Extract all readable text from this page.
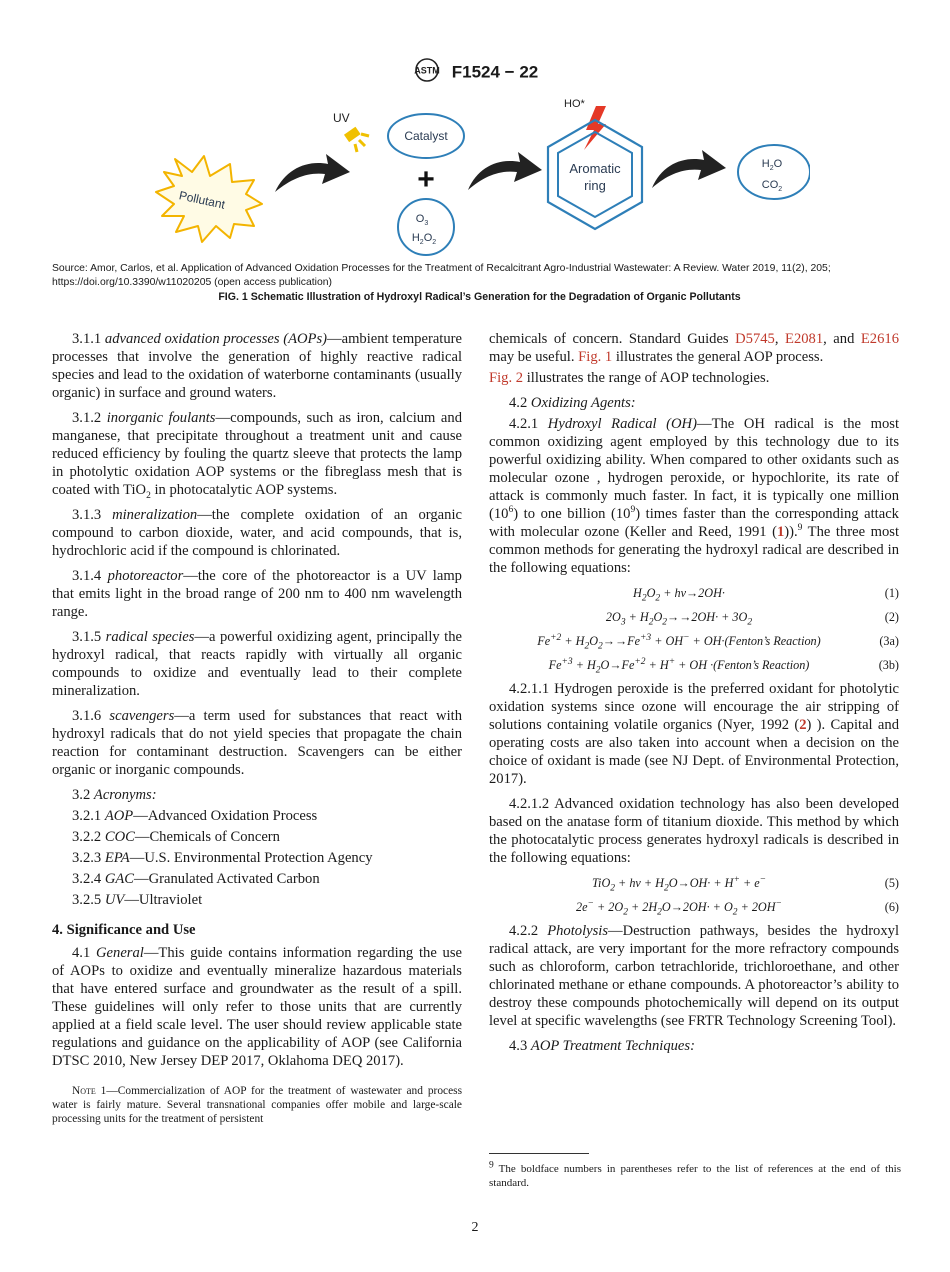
ASTM F1524 − 22
Pollutant
UV
Catalyst
+
$O_3$
$H_2O_2$
HO*
Aromatic
ring
$H_2O$
$CO_2$
Source: Amor, Carlos, et al. Application of Advanced Oxidation Processes for the Treatment of Recalcitrant Agro-Industrial Wastewater: A Review. Water 2019, 11(2), 205; https://doi.org/10.3390/w11020205 (open access publication)
FIG. 1 Schematic Illustration of Hydroxyl Radical’s Generation for the Degradation of Organic Pollutants

3.1.1 advanced oxidation processes (AOPs)—ambient temperature processes that involve the generation of highly reactive radical species and lead to the oxidation of waterborne contaminants (usually organic) in surface and ground waters.

3.1.2 inorganic foulants—compounds, such as iron, calcium and manganese, that precipitate throughout a treatment unit and cause reduced efficiency by fouling the quartz sleeve that protects the lamp in photolytic oxidation AOP systems or the fibreglass mesh that is coated with TiO$_2$ in photocatalytic AOP systems.

3.1.3 mineralization—the complete oxidation of an organic compound to carbon dioxide, water, and acid compounds, that is, hydrochloric acid if the compound is chlorinated.

3.1.4 photoreactor—the core of the photoreactor is a UV lamp that emits light in the broad range of 200 nm to 400 nm wavelength range.

3.1.5 radical species—a powerful oxidizing agent, principally the hydroxyl radical, that reacts rapidly with virtually all organic compounds to oxidize and eventually lead to their complete mineralization.

3.1.6 scavengers—a term used for substances that react with hydroxyl radicals that do not yield species that propagate the chain reaction for contaminant destruction. Scavengers can be either organic or inorganic compounds.

3.2 Acronyms:

3.2.1 AOP—Advanced Oxidation Process

3.2.2 COC—Chemicals of Concern

3.2.3 EPA—U.S. Environmental Protection Agency

3.2.4 GAC—Granulated Activated Carbon

3.2.5 UV—Ultraviolet

4. Significance and Use

4.1 General—This guide contains information regarding the use of AOPs to oxidize and eventually mineralize hazardous materials that have entered surface and groundwater as the result of a spill. These guidelines will only refer to those units that are currently applied at a field scale level. The user should review applicable state regulations and guidance on the applicability of AOP (see California DTSC 2010, New Jersey DEP 2017, Oklahoma DEQ 2017).

Note 1—Commercialization of AOP for the treatment of wastewater and process water is fairly mature. Several transnational companies offer mobile and large-scale processing units for the treatment of persistent

chemicals of concern. Standard Guides D5745, E2081, and E2616 may be useful. Fig. 1 illustrates the general AOP process.

Fig. 2 illustrates the range of AOP technologies.

4.2 Oxidizing Agents:

4.2.1 Hydroxyl Radical (OH)—The OH radical is the most common oxidizing agent employed by this technology due to its powerful oxidizing ability. When compared to other oxidants such as molecular ozone , hydrogen peroxide, or hypochlorite, its rate of attack is commonly much faster. In fact, it is typically one million $(10^6)$ to one billion $(10^9)$ times faster than the corresponding attack with molecular ozone (Keller and Reed, 1991 (1)).$^9$ The three most common methods for generating the hydroxyl radical are described in the following equations:

$H_2O_2 + hv\to 2OH\cdot$	(1)
$2O_3 + H_2O_2\to\to 2OH\cdot + 3O_2$	(2)
$Fe^{+2} + H_2O_2\to\to Fe^{+3} + OH^-$ + OH·(Fenton’s Reaction)	(3a)
$Fe^{+3} + H_2O\to Fe^{+2} + H^+$ + OH ·(Fenton’s Reaction)	(3b)

4.2.1.1 Hydrogen peroxide is the preferred oxidant for photolytic oxidation systems since ozone will encourage the air stripping of solutions containing volatile organics (Nyer, 1992 (2) ). Capital and operating costs are also taken into account when a decision on the choice of oxidant is made (see NJ Dept. of Environmental Protection, 2017).

4.2.1.2 Advanced oxidation technology has also been developed based on the anatase form of titanium dioxide. This method by which the photocatalytic process generates hydroxyl radicals is described in the following equations:

TiO$_2$ + hv + $H_2O\to OH\cdot + H^+ + e^-$	(5)
$2e^- + 2O_2 + 2H_2O\to 2OH\cdot + O_2 + 2OH^-$	(6)

4.2.2 Photolysis—Destruction pathways, besides the hydroxyl radical attack, are very important for the more refractory compounds such as chloroform, carbon tetrachloride, trichloroethane, and other chlorinated methane or ethane compounds. A photoreactor’s ability to destroy these compounds photochemically will depend on its output level at specific wavelengths (see FRTR Technology Screening Tool).

4.3 AOP Treatment Techniques:

$^9$ The boldface numbers in parentheses refer to the list of references at the end of this standard.
2
